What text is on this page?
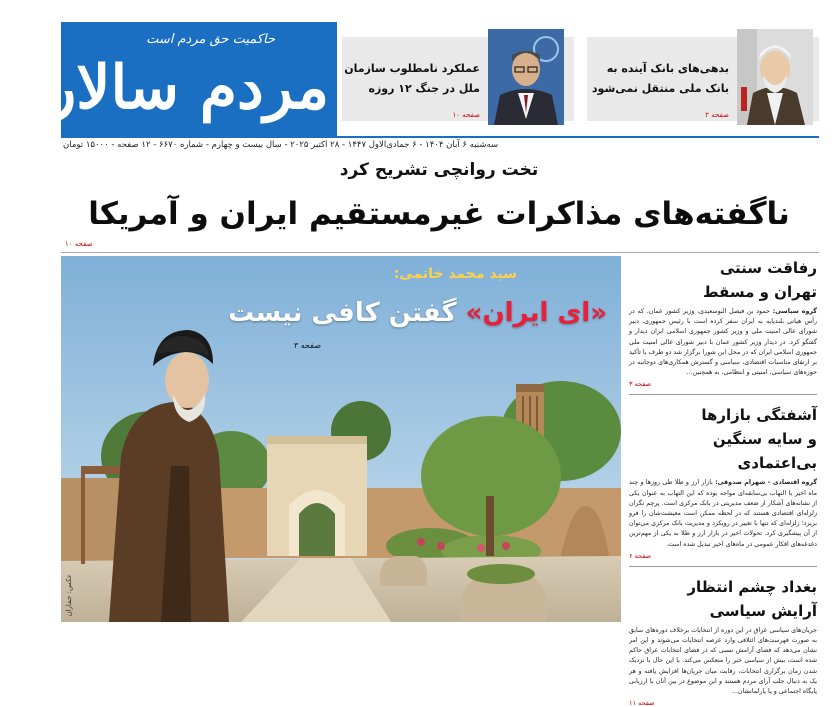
حاکمیت حق مردم است
مردم سالاری	بدهی‌های بانک آینده به بانک ملی منتقل نمی‌شود
صفحه ۲
عملکرد نامطلوب سازمان ملل در جنگ ۱۲ روزه
صفحه ۱۰
سه‌شنبه ۶ آبان ۱۴۰۴ - ۶ جمادی‌الاول ۱۴۴۷ - ۲۸ اکتبر ۲۰۲۵ - سال بیست و چهارم - شماره ۶۶۷۰ - ۱۲ صفحه - ۱۵۰۰۰ تومان
تخت روانچی تشریح کرد
ناگفته‌های مذاکرات غیرمستقیم ایران و آمریکا
صفحه ۱۰
سید محمد خاتمی:
«ای ایران» گفتن کافی نیست
صفحه ۳
عکس: جماران
رفاقت سنتی
تهران و مسقط
گروه سیاسی: حمود بن فیصل البوسعیدی، وزیر کشور عمان، که در رأس هیاتی بلندپایه به ایران سفر کرده است با رئیس جمهوری، دبیر شورای عالی امنیت ملی و وزیر کشور جمهوری اسلامی ایران دیدار و گفتگو کرد. در دیدار وزیر کشور عمان با دبیر شورای عالی امنیت ملی جمهوری اسلامی ایران که در محل این شورا برگزار شد دو طرف با تأکید بر ارتقای مناسبات اقتصادی، سیاسی و گسترش همکاری‌های دوجانبه در حوزه‌های سیاسی، امنیتی و انتظامی، به همچنین...
صفحه ۳
آشفتگی بازارها
و سایه سنگین بی‌اعتمادی
گروه اقتصادی - شهرام صدوقی: بازار ارز و طلا طی روزها و چند ماه اخیر با التهاب بی‌سابقه‌ای مواجه بوده که این التهاب به عنوان یکی از نشانه‌های آشکار از ضعف مدیریتی در بانک مرکزی است. پرچم نگران زلزله‌ای اقتصادی هستند که در لحظه ممکن است معیشت‌شان را فرو بریزد؛ زلزله‌ای که تنها با تغییر در رویکرد و مدیریت بانک مرکزی می‌توان از آن پیشگیری کرد. تحولات اخیر در بازار ارز و طلا به یکی از مهم‌ترین دغدغه‌های افکار عمومی در ماه‌های اخیر تبدیل شده است.
صفحه ۶
بغداد چشم انتظار
آرایش سیاسی
جریان‌های سیاسی عراق در این دوره از انتخابات برخلاف دوره‌های سابق به صورت فهرست‌های ائتلافی وارد عرصه انتخابات می‌شوند و این امر نشان می‌دهد که فضای آرامش نسبی که در فضای انتخابات عراق حاکم شده است، بیش از سیاسی خبر را منعکس می‌کند. با این حال با نزدیک شدن زمان برگزاری انتخابات، رقابت میان جریان‌ها افزایش یافته و هر یک به دنبال جلب آرای مردم هستند و این موضوع در بین آنان با ارزیابی پایگاه اجتماعی و یا پارلمانشان...
صفحه ۱۱
